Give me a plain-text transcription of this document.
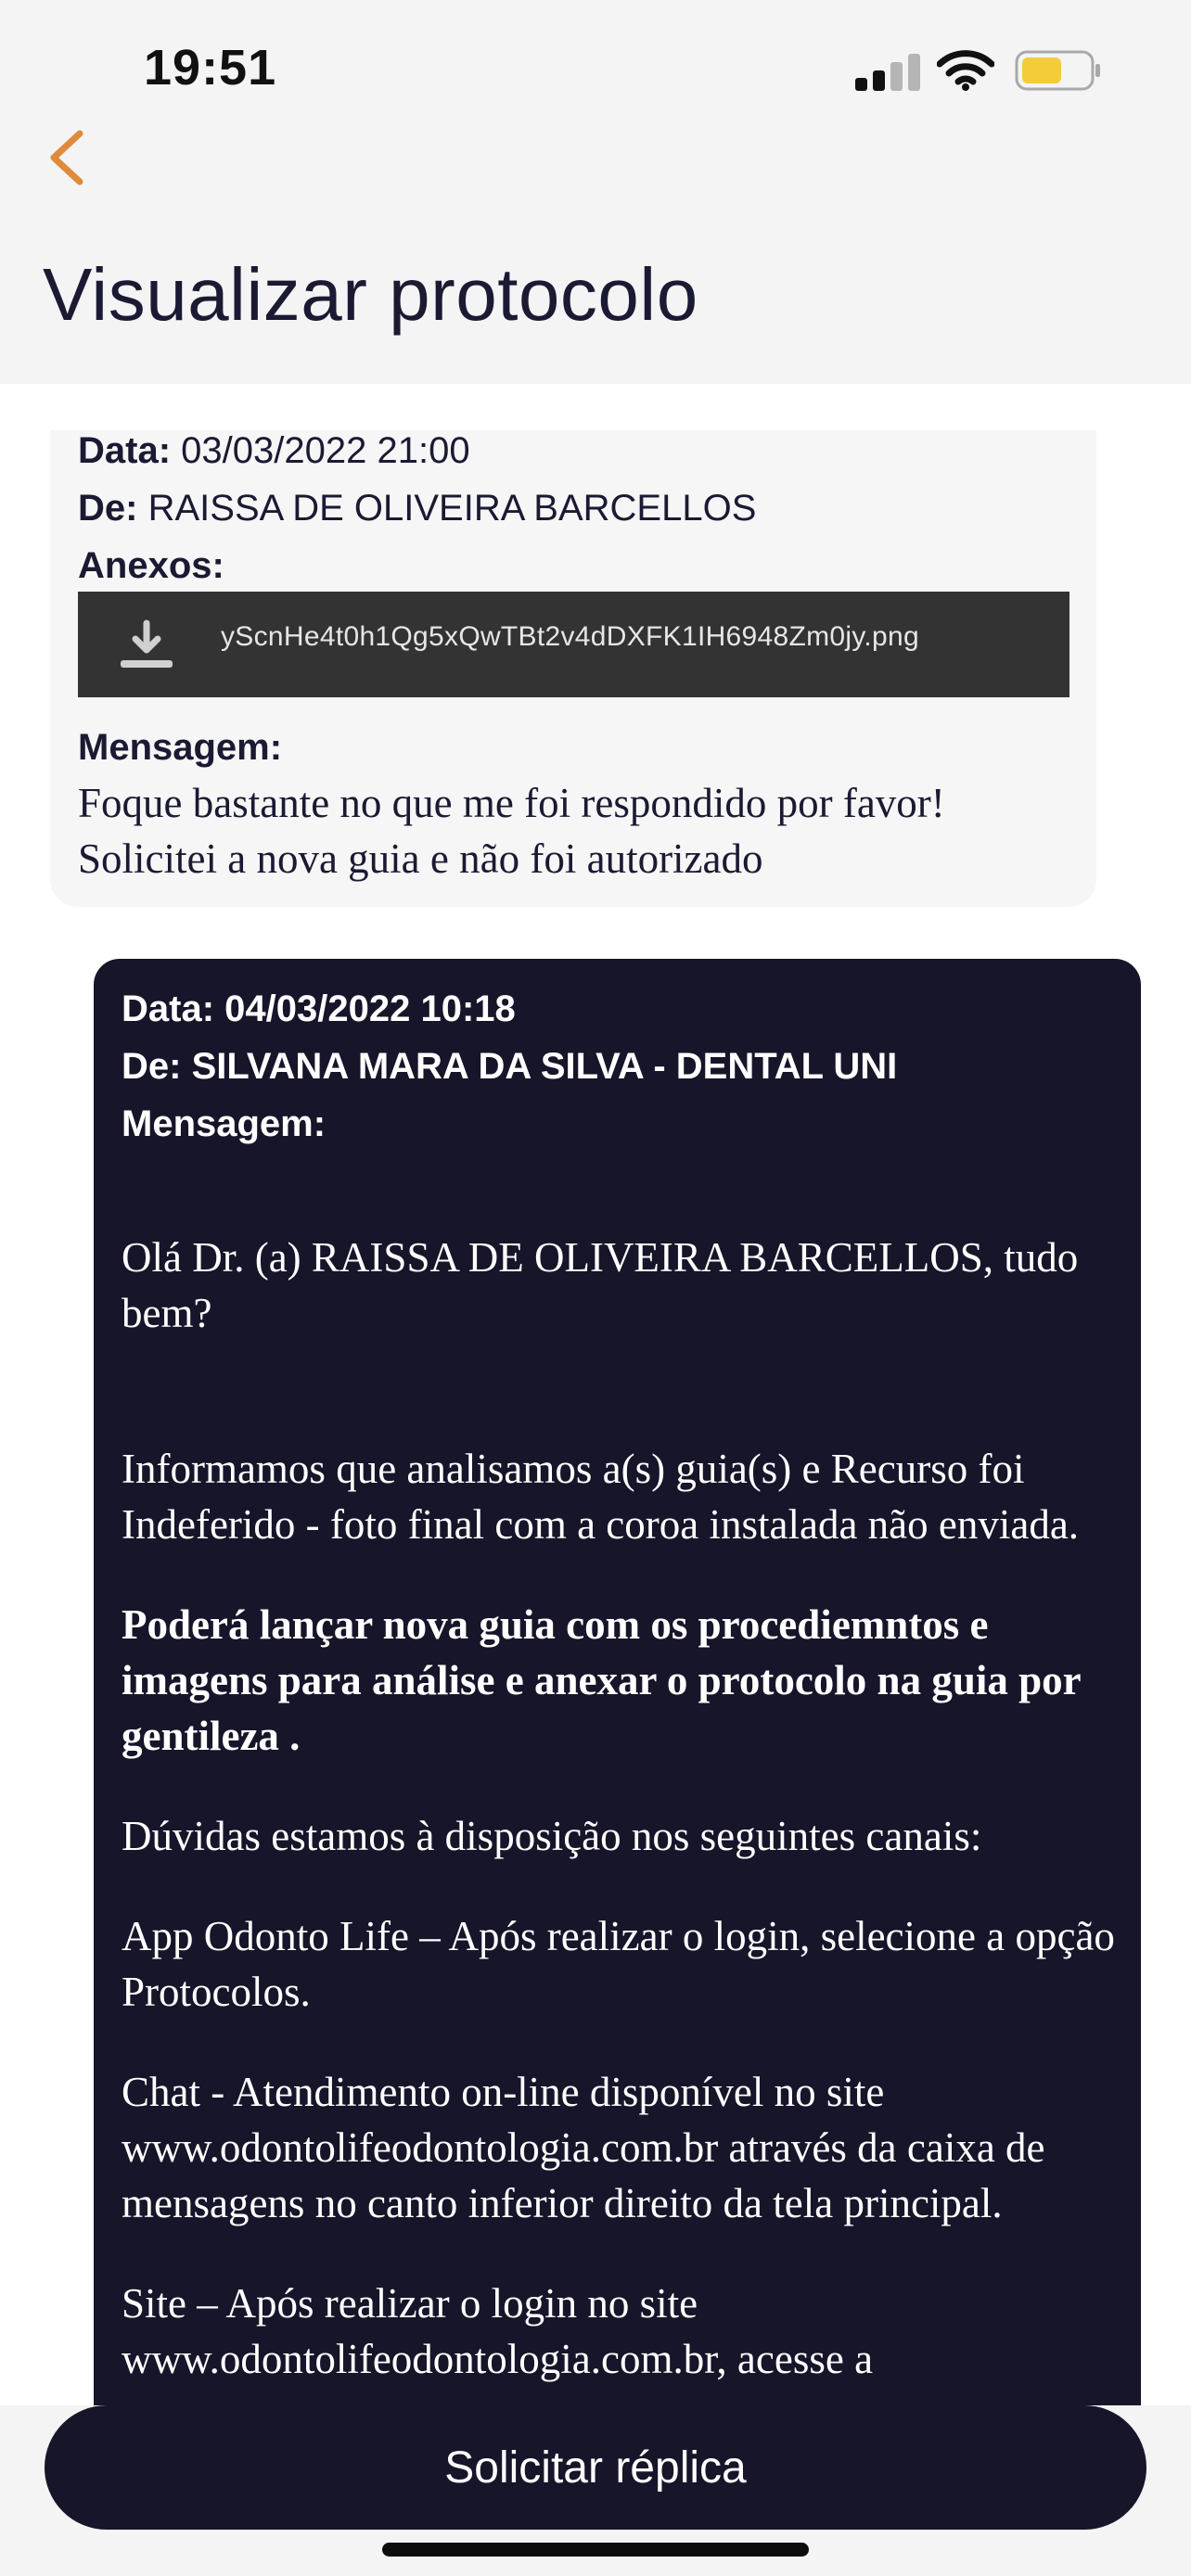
19:51
Visualizar protocolo
Data: 03/03/2022 21:00
De: RAISSA DE OLIVEIRA BARCELLOS
Anexos:
yScnHe4t0h1Qg5xQwTBt2v4dDXFK1IH6948Zm0jy.png
Mensagem:

Foque bastante no que me foi respondido por favor!

Solicitei a nova guia e não foi autorizado

Data: 04/03/2022 10:18
De: SILVANA MARA DA SILVA - DENTAL UNI
Mensagem:

Olá Dr. (a) RAISSA DE OLIVEIRA BARCELLOS, tudo bem?

Informamos que analisamos a(s) guia(s) e Recurso foi Indeferido - foto final com a coroa instalada não enviada.

Poderá lançar nova guia com os procediemntos e imagens para análise e anexar o protocolo na guia por gentileza .

Dúvidas estamos à disposição nos seguintes canais:

App Odonto Life – Após realizar o login, selecione a opção Protocolos.

Chat - Atendimento on-line disponível no site www.odontolifeodontologia.com.br através da caixa de mensagens no canto inferior direito da tela principal.

Site – Após realizar o login no site www.odontolifeodontologia.com.br, acesse a

Solicitar réplica
